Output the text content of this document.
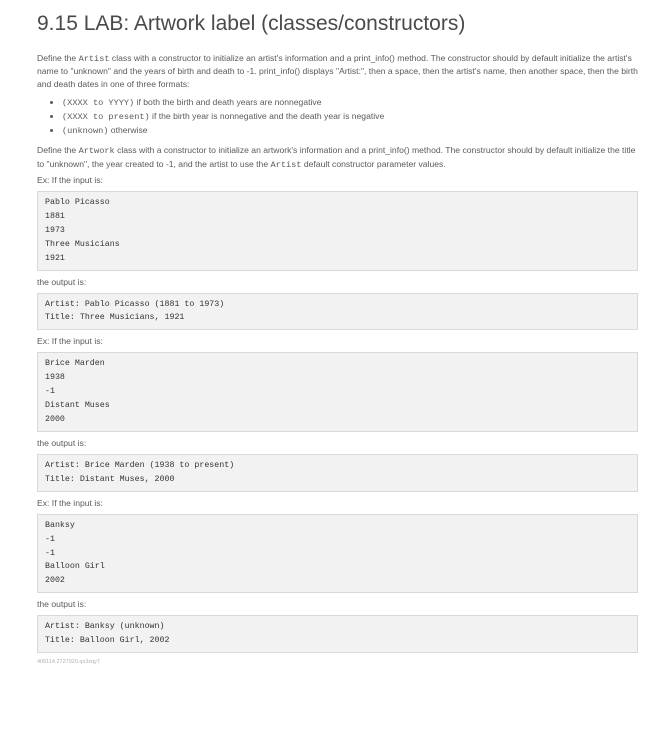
9.15 LAB: Artwork label (classes/constructors)

Define the Artist class with a constructor to initialize an artist's information and a print_info() method. The constructor should by default initialize the artist's name to "unknown" and the years of birth and death to -1. print_info() displays "Artist:", then a space, then the artist's name, then another space, then the birth and death dates in one of three formats:

• (XXXX to YYYY) if both the birth and death years are nonnegative
• (XXXX to present) if the birth year is nonnegative and the death year is negative
• (unknown) otherwise

Define the Artwork class with a constructor to initialize an artwork's information and a print_info() method. The constructor should by default initialize the title to "unknown", the year created to -1, and the artist to use the Artist default constructor parameter values.

Ex: If the input is:
Pablo Picasso
1881
1973
Three Musicians
1921
the output is:
Artist: Pablo Picasso (1881 to 1973)
Title: Three Musicians, 1921
Ex: If the input is:
Brice Marden
1938
-1
Distant Muses
2000
the output is:
Artist: Brice Marden (1938 to present)
Title: Distant Muses, 2000
Ex: If the input is:
Banksy
-1
-1
Balloon Girl
2002
the output is:
Artist: Banksy (unknown)
Title: Balloon Girl, 2002
406114.2727920.qx3zqy7
